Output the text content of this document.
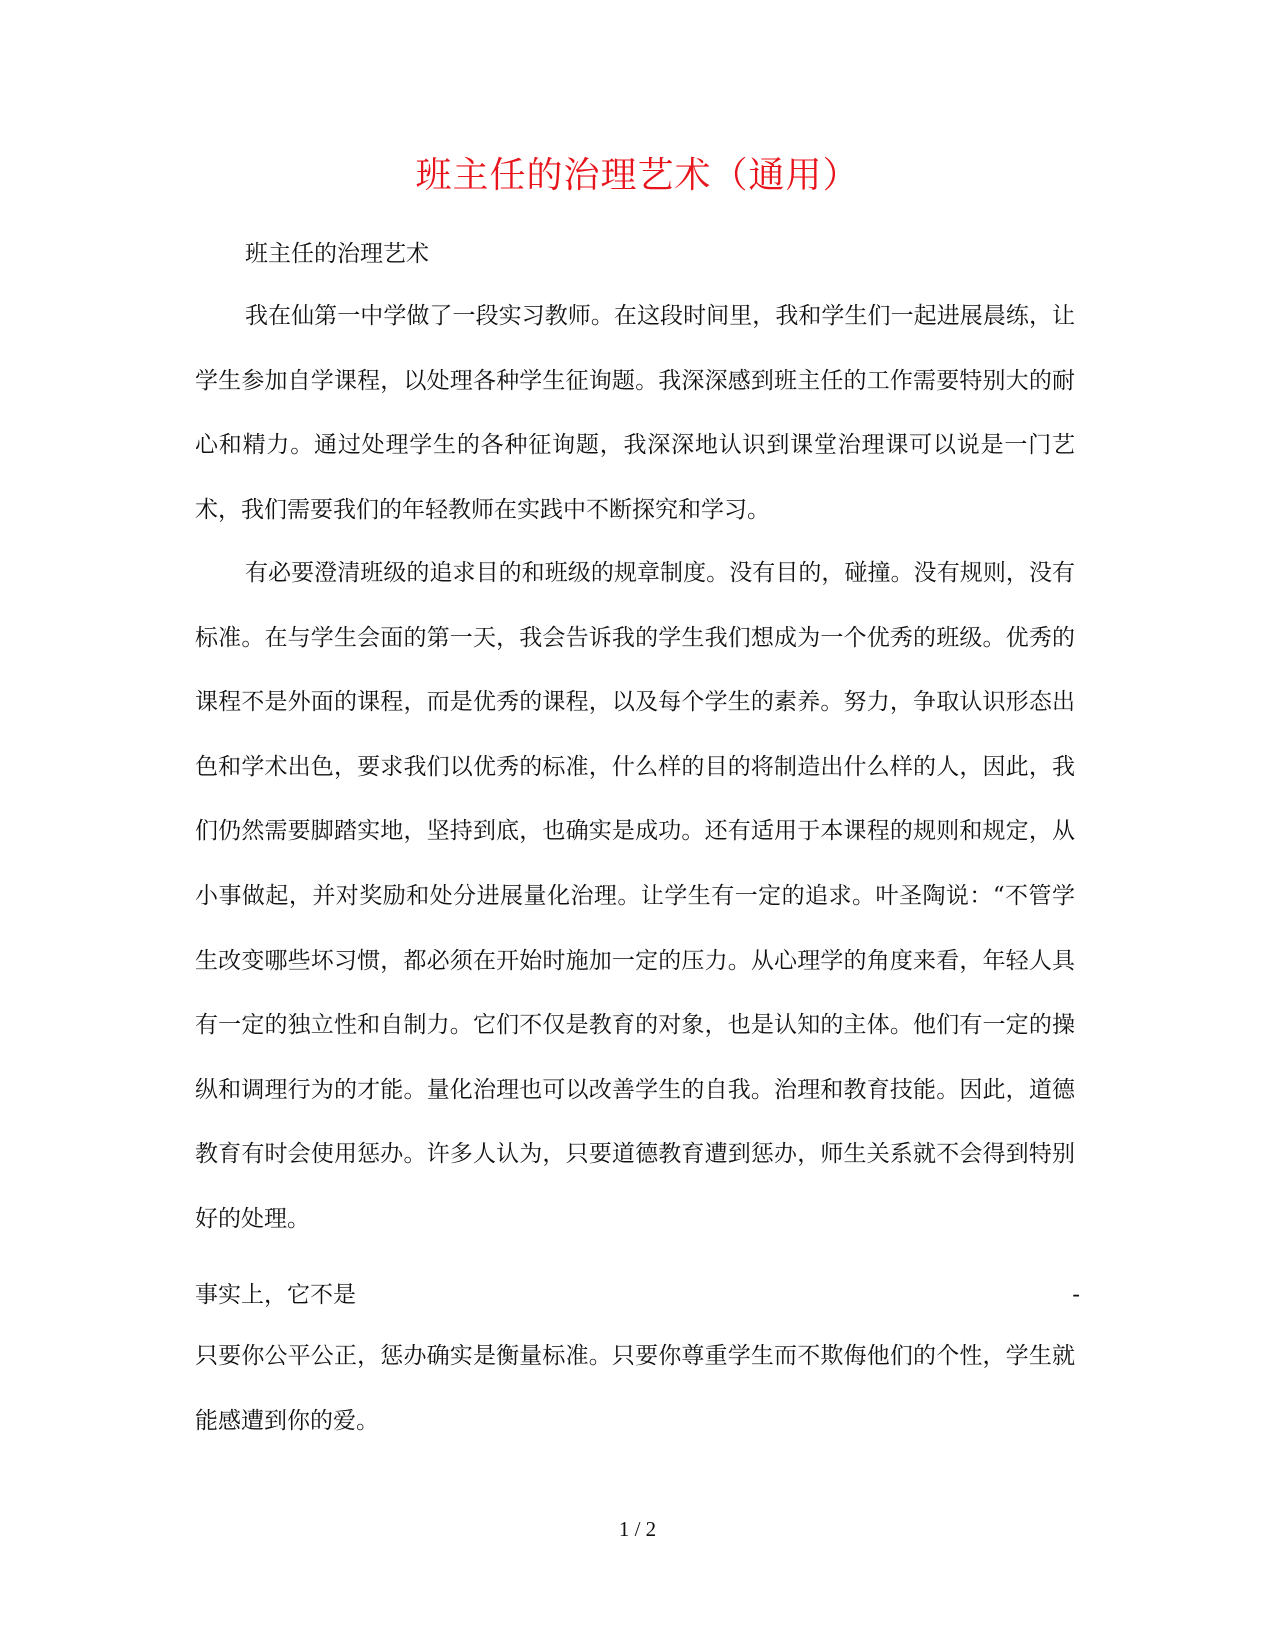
班主任的治理艺术（通用）

班主任的治理艺术

我在仙第一中学做了一段实习教师。在这段时间里，我和学生们一起进展晨练，让学生参加自学课程，以处理各种学生征询题。我深深感到班主任的工作需要特别大的耐心和精力。通过处理学生的各种征询题，我深深地认识到课堂治理课可以说是一门艺术，我们需要我们的年轻教师在实践中不断探究和学习。

有必要澄清班级的追求目的和班级的规章制度。没有目的，碰撞。没有规则，没有标准。在与学生会面的第一天，我会告诉我的学生我们想成为一个优秀的班级。优秀的课程不是外面的课程，而是优秀的课程，以及每个学生的素养。努力，争取认识形态出色和学术出色，要求我们以优秀的标准，什么样的目的将制造出什么样的人，因此，我们仍然需要脚踏实地，坚持到底，也确实是成功。还有适用于本课程的规则和规定，从小事做起，并对奖励和处分进展量化治理。让学生有一定的追求。叶圣陶说：“不管学生改变哪些坏习惯，都必须在开始时施加一定的压力。从心理学的角度来看，年轻人具有一定的独立性和自制力。它们不仅是教育的对象，也是认知的主体。他们有一定的操纵和调理行为的才能。量化治理也可以改善学生的自我。治理和教育技能。因此，道德教育有时会使用惩办。许多人认为，只要道德教育遭到惩办，师生关系就不会得到特别好的处理。

事实上，它不是	-

只要你公平公正，惩办确实是衡量标准。只要你尊重学生而不欺侮他们的个性，学生就能感遭到你的爱。

1 / 2
